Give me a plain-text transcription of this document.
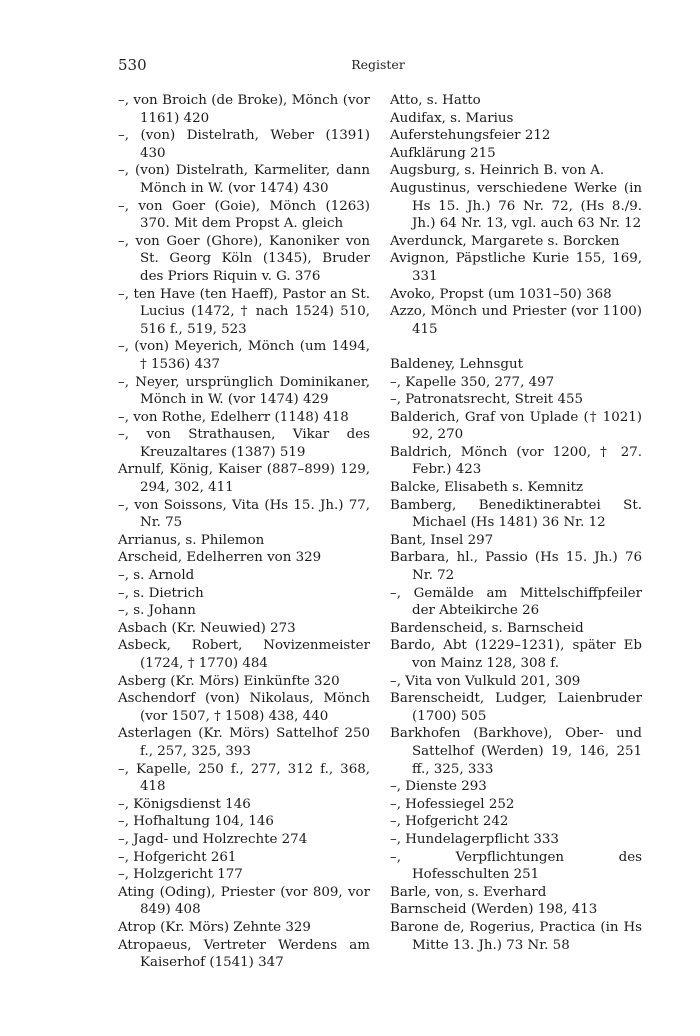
530	Register
–, von Broich (de Broke), Mönch (vor 1161) 420
–, (von) Distelrath, Weber (1391) 430
–, (von) Distelrath, Karmeliter, dann Mönch in W. (vor 1474) 430
–, von Goer (Goie), Mönch (1263) 370. Mit dem Propst A. gleich
–, von Goer (Ghore), Kanoniker von St. Georg Köln (1345), Bruder des Priors Riquin v. G. 376
–, ten Have (ten Haeff), Pastor an St. Lucius (1472, † nach 1524) 510, 516 f., 519, 523
–, (von) Meyerich, Mönch (um 1494, † 1536) 437
–, Neyer, ursprünglich Dominikaner, Mönch in W. (vor 1474) 429
–, von Rothe, Edelherr (1148) 418
–, von Strathausen, Vikar des Kreuzaltares (1387) 519
Arnulf, König, Kaiser (887–899) 129, 294, 302, 411
–, von Soissons, Vita (Hs 15. Jh.) 77, Nr. 75
Arrianus, s. Philemon
Arscheid, Edelherren von 329
–, s. Arnold
–, s. Dietrich
–, s. Johann
Asbach (Kr. Neuwied) 273
Asbeck, Robert, Novizenmeister (1724, † 1770) 484
Asberg (Kr. Mörs) Einkünfte 320
Aschendorf (von) Nikolaus, Mönch (vor 1507, † 1508) 438, 440
Asterlagen (Kr. Mörs) Sattelhof 250 f., 257, 325, 393
–, Kapelle, 250 f., 277, 312 f., 368, 418
–, Königsdienst 146
–, Hofhaltung 104, 146
–, Jagd- und Holzrechte 274
–, Hofgericht 261
–, Holzgericht 177
Ating (Oding), Priester (vor 809, vor 849) 408
Atrop (Kr. Mörs) Zehnte 329
Atropaeus, Vertreter Werdens am Kaiserhof (1541) 347
Atto, s. Hatto
Audifax, s. Marius
Auferstehungsfeier 212
Aufklärung 215
Augsburg, s. Heinrich B. von A.
Augustinus, verschiedene Werke (in Hs 15. Jh.) 76 Nr. 72, (Hs 8./9. Jh.) 64 Nr. 13, vgl. auch 63 Nr. 12
Averdunck, Margarete s. Borcken
Avignon, Päpstliche Kurie 155, 169, 331
Avoko, Propst (um 1031–50) 368
Azzo, Mönch und Priester (vor 1100) 415
Baldeney, Lehnsgut
–, Kapelle 350, 277, 497
–, Patronatsrecht, Streit 455
Balderich, Graf von Uplade († 1021) 92, 270
Baldrich, Mönch (vor 1200, † 27. Febr.) 423
Balcke, Elisabeth s. Kemnitz
Bamberg, Benediktinerabtei St. Michael (Hs 1481) 36 Nr. 12
Bant, Insel 297
Barbara, hl., Passio (Hs 15. Jh.) 76 Nr. 72
–, Gemälde am Mittelschiffpfeiler der Abteikirche 26
Bardenscheid, s. Barnscheid
Bardo, Abt (1229–1231), später Eb von Mainz 128, 308 f.
–, Vita von Vulkuld 201, 309
Barenscheidt, Ludger, Laienbruder (1700) 505
Barkhofen (Barkhove), Ober- und Sattelhof (Werden) 19, 146, 251 ff., 325, 333
–, Dienste 293
–, Hofessiegel 252
–, Hofgericht 242
–, Hundelagerpflicht 333
–, Verpflichtungen des Hofesschulten 251
Barle, von, s. Everhard
Barnscheid (Werden) 198, 413
Barone de, Rogerius, Practica (in Hs Mitte 13. Jh.) 73 Nr. 58
